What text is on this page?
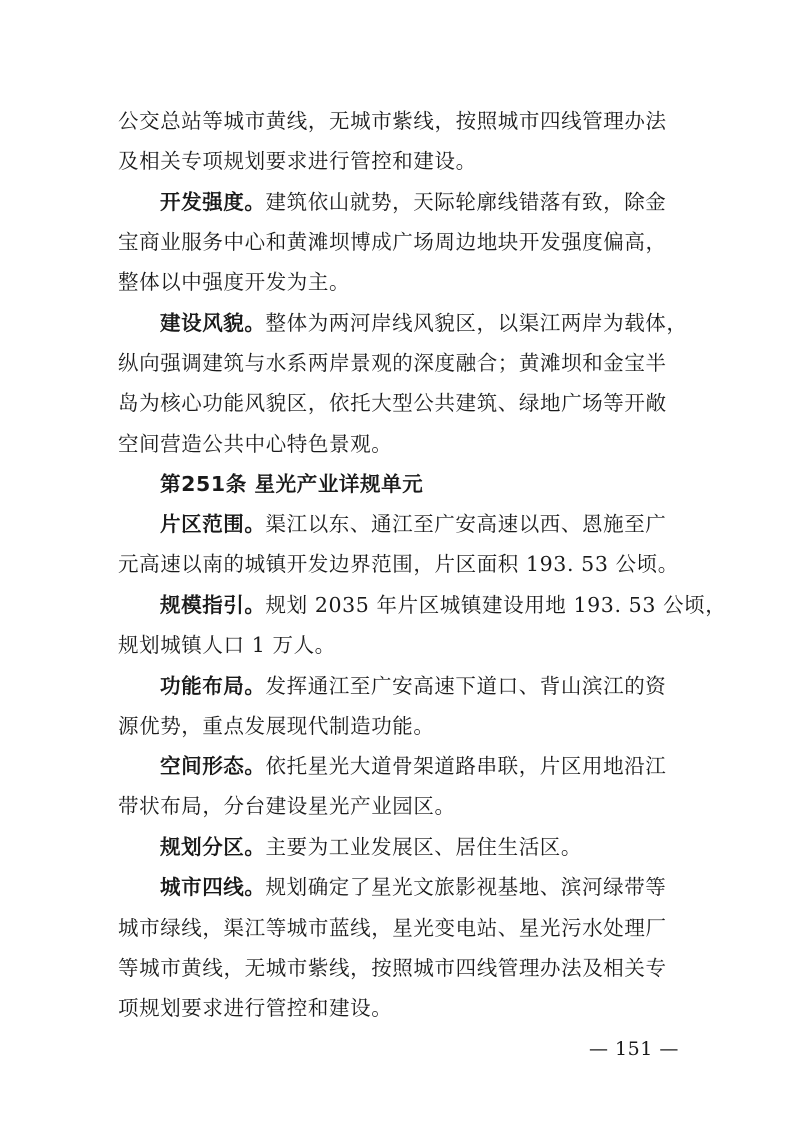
公交总站等城市黄线，无城市紫线，按照城市四线管理办法
及相关专项规划要求进行管控和建设。
开发强度。建筑依山就势，天际轮廓线错落有致，除金
宝商业服务中心和黄滩坝博成广场周边地块开发强度偏高，
整体以中强度开发为主。
建设风貌。整体为两河岸线风貌区，以渠江两岸为载体，
纵向强调建筑与水系两岸景观的深度融合；黄滩坝和金宝半
岛为核心功能风貌区，依托大型公共建筑、绿地广场等开敞
空间营造公共中心特色景观。
第251条 星光产业详规单元
片区范围。渠江以东、通江至广安高速以西、恩施至广
元高速以南的城镇开发边界范围，片区面积 193. 53 公顷。
规模指引。规划 2035 年片区城镇建设用地 193. 53 公顷，
规划城镇人口 1 万人。
功能布局。发挥通江至广安高速下道口、背山滨江的资
源优势，重点发展现代制造功能。
空间形态。依托星光大道骨架道路串联，片区用地沿江
带状布局，分台建设星光产业园区。
规划分区。主要为工业发展区、居住生活区。
城市四线。规划确定了星光文旅影视基地、滨河绿带等
城市绿线，渠江等城市蓝线，星光变电站、星光污水处理厂
等城市黄线，无城市紫线，按照城市四线管理办法及相关专
项规划要求进行管控和建设。
— 151 —
